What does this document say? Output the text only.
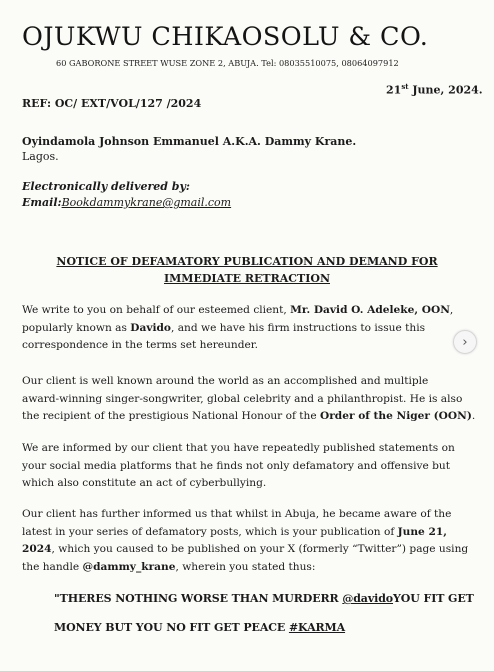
OJUKWU CHIKAOSOLU & CO.
60 GABORONE STREET WUSE ZONE 2, ABUJA. Tel: 08035510075, 08064097912
21st June, 2024.
REF: OC/ EXT/VOL/127 /2024
Oyindamola Johnson Emmanuel A.K.A. Dammy Krane.
Lagos.
Electronically delivered by:
Email:Bookdammykrane@gmail.com
NOTICE OF DEFAMATORY PUBLICATION AND DEMAND FOR
IMMEDIATE RETRACTION
We write to you on behalf of our esteemed client, Mr. David O. Adeleke, OON,
popularly known as Davido, and we have his firm instructions to issue this
correspondence in the terms set hereunder.
Our client is well known around the world as an accomplished and multiple
award-winning singer-songwriter, global celebrity and a philanthropist. He is also
the recipient of the prestigious National Honour of the Order of the Niger (OON).
We are informed by our client that you have repeatedly published statements on
your social media platforms that he finds not only defamatory and offensive but
which also constitute an act of cyberbullying.
Our client has further informed us that whilst in Abuja, he became aware of the
latest in your series of defamatory posts, which is your publication of June 21,
2024, which you caused to be published on your X (formerly “Twitter”) page using
the handle @dammy_krane, wherein you stated thus:
"THERES NOTHING WORSE THAN MURDERR @davidoYOU FIT GET
MONEY BUT YOU NO FIT GET PEACE #KARMA
›
